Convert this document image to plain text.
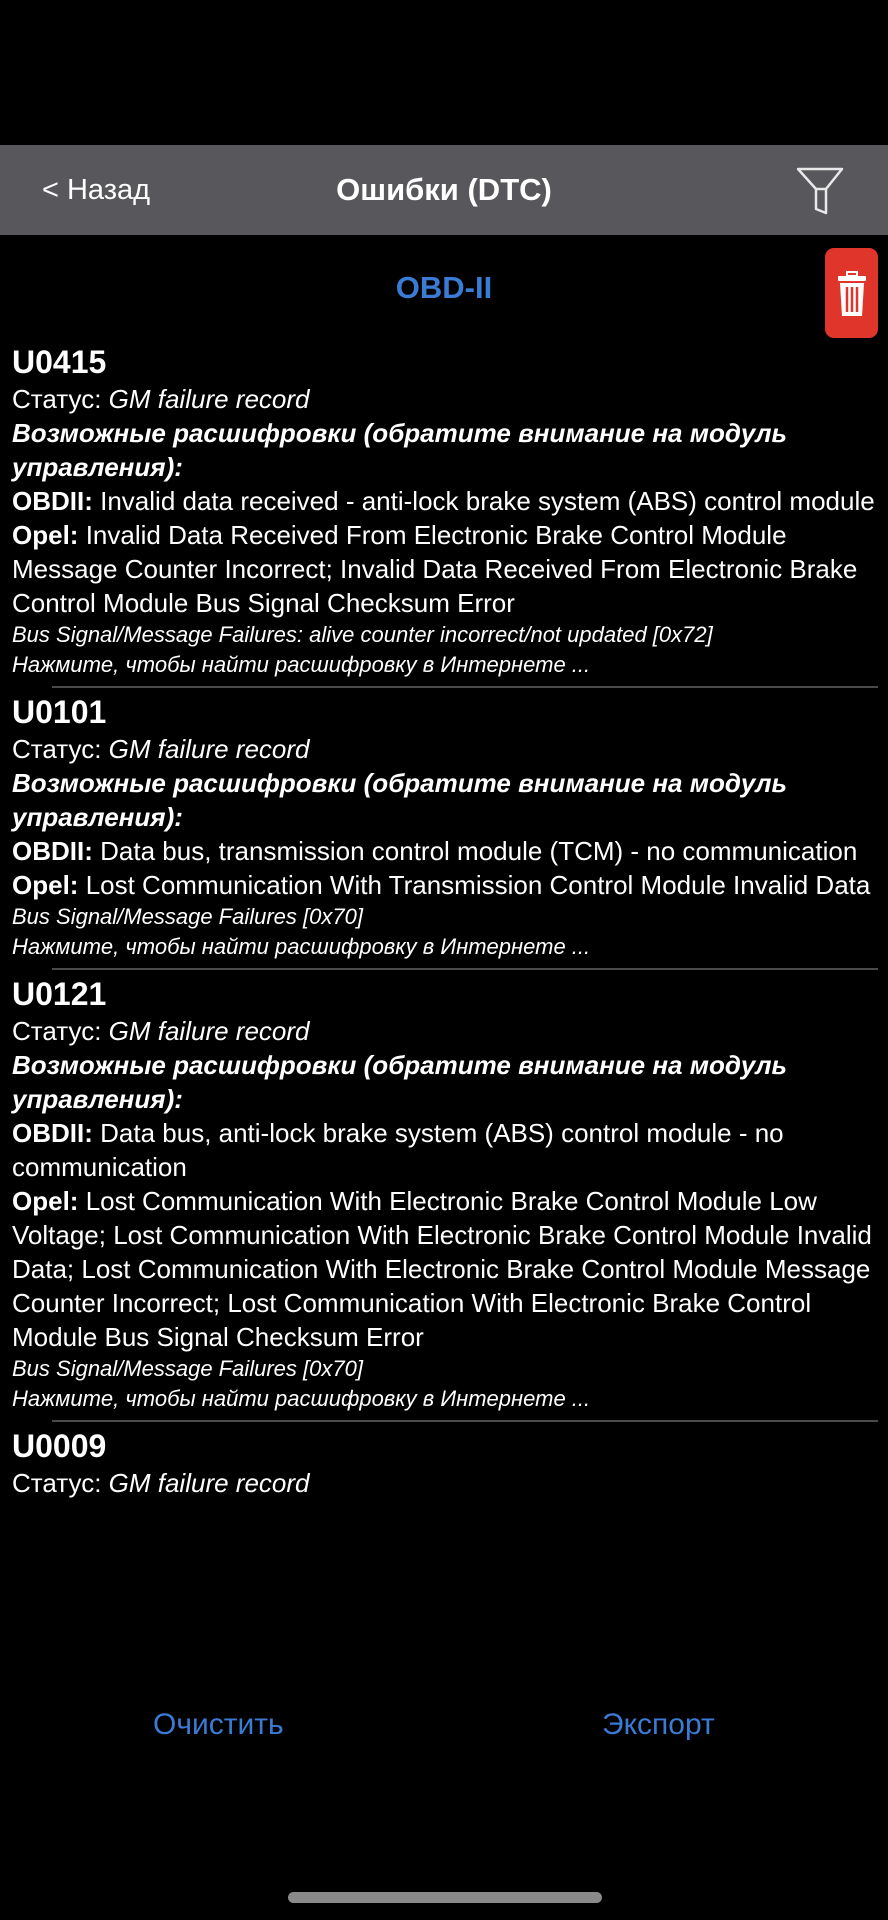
< Назад	Ошибки (DTC)
OBD-II
U0415
Статус: GM failure record
Возможные расшифровки (обратите внимание на модуль управления):
OBDII: Invalid data received - anti-lock brake system (ABS) control module
Opel: Invalid Data Received From Electronic Brake Control Module Message Counter Incorrect; Invalid Data Received From Electronic Brake Control Module Bus Signal Checksum Error
Bus Signal/Message Failures: alive counter incorrect/not updated [0x72]
Нажмите, чтобы найти расшифровку в Интернете ...
U0101
Статус: GM failure record
Возможные расшифровки (обратите внимание на модуль управления):
OBDII: Data bus, transmission control module (TCM) - no communication
Opel: Lost Communication With Transmission Control Module Invalid Data
Bus Signal/Message Failures [0x70]
Нажмите, чтобы найти расшифровку в Интернете ...
U0121
Статус: GM failure record
Возможные расшифровки (обратите внимание на модуль управления):
OBDII: Data bus, anti-lock brake system (ABS) control module - no communication
Opel: Lost Communication With Electronic Brake Control Module Low Voltage; Lost Communication With Electronic Brake Control Module Invalid Data; Lost Communication With Electronic Brake Control Module Message Counter Incorrect; Lost Communication With Electronic Brake Control Module Bus Signal Checksum Error
Bus Signal/Message Failures [0x70]
Нажмите, чтобы найти расшифровку в Интернете ...
U0009
Статус: GM failure record
Очистить	Экспорт
